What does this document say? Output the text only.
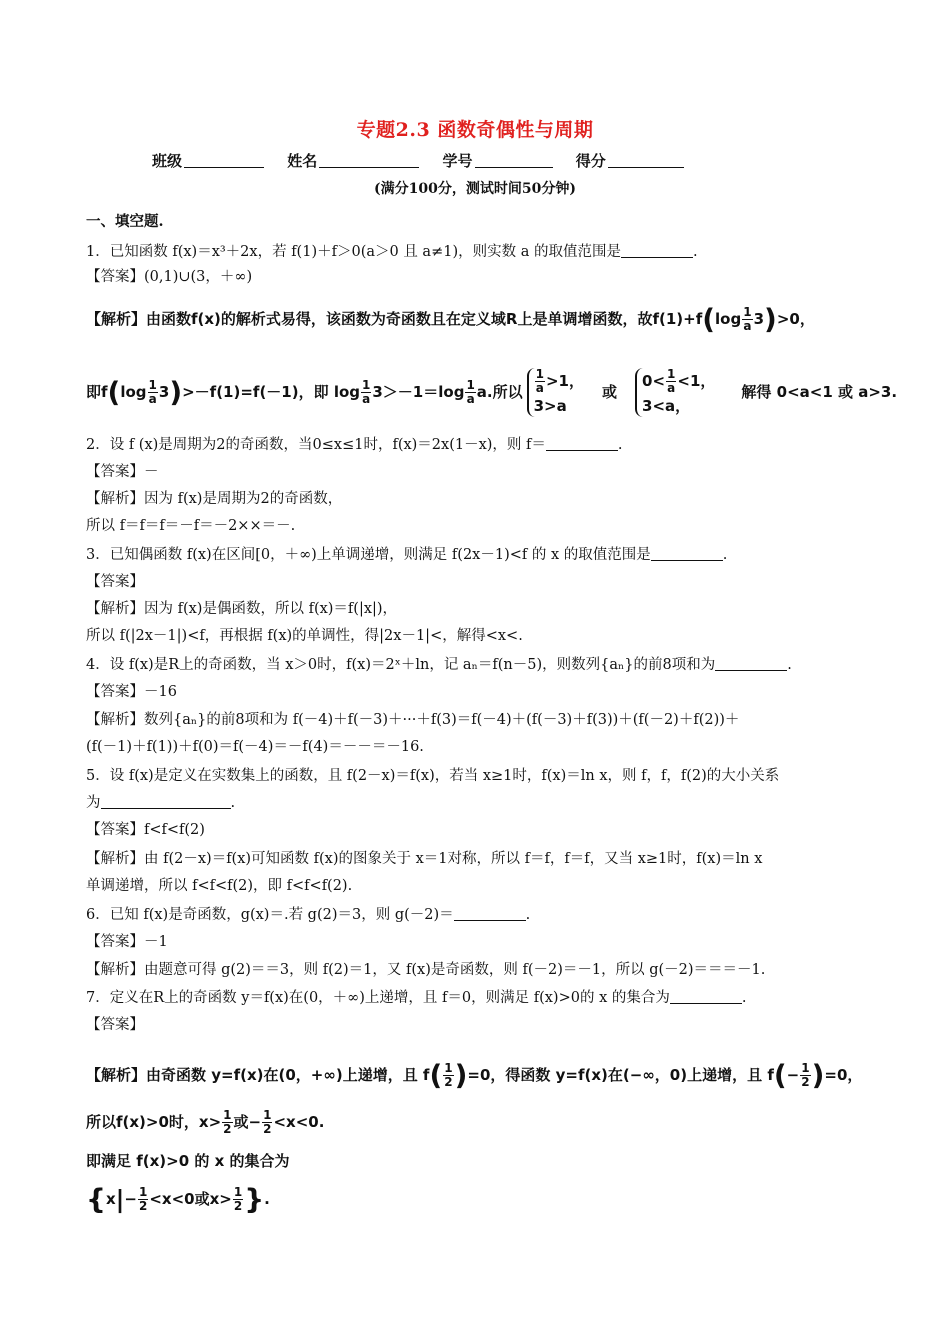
专题2.3 函数奇偶性与周期
班级	姓名	学号	得分
(满分100分，测试时间50分钟)
一、填空题.
1．已知函数 f(x)＝x³＋2x，若 f(1)＋f＞0(a＞0 且 a≠1)，则实数 a 的取值范围是	.
【答案】(0,1)∪(3，＋∞)
【解析】由函数f(x)的解析式易得，该函数为奇函数且在定义域R上是单调增函数，故$f(1)+f(\log \frac{1}{a} 3)>0$，
即$f(\log \frac{1}{a} 3)>-f(1)=f(-1)$，即 $\log \frac{1}{a} 3>-1=\log \frac{1}{a} a$.所以 $\frac{1}{a} >1$，
3>a
或
$0< \frac{1}{a} <1$，
3<a，
解得 0<a<1 或 a>3.
2．设 f (x)是周期为2的奇函数，当0≤x≤1时，f(x)＝2x(1－x)，则 f＝	.
【答案】－
【解析】因为 f(x)是周期为2的奇函数，
所以 f＝f＝f＝－f＝－2××＝－.
3．已知偶函数 f(x)在区间[0，＋∞)上单调递增，则满足 f(2x－1)<f 的 x 的取值范围是	.
【答案】
【解析】因为 f(x)是偶函数，所以 f(x)＝f(|x|)，
所以 f(|2x－1|)<f，再根据 f(x)的单调性，得|2x－1|<，解得<x<.
4．设 f(x)是R上的奇函数，当 x＞0时，f(x)＝2ˣ＋ln，记 aₙ＝f(n－5)，则数列{aₙ}的前8项和为	.
【答案】－16
【解析】数列{aₙ}的前8项和为 f(－4)＋f(－3)＋···＋f(3)＝f(－4)＋(f(－3)＋f(3))＋(f(－2)＋f(2))＋
(f(－1)＋f(1))＋f(0)＝f(－4)＝－f(4)＝－－＝－16.
5．设 f(x)是定义在实数集上的函数，且 f(2－x)＝f(x)，若当 x≥1时，f(x)＝ln x，则 f，f，f(2)的大小关系
为	.
【答案】f<f<f(2)
【解析】由 f(2－x)＝f(x)可知函数 f(x)的图象关于 x＝1对称，所以 f＝f，f＝f，又当 x≥1时，f(x)＝ln x
单调递增，所以 f<f<f(2)，即 f<f<f(2).
6．已知 f(x)是奇函数，g(x)＝.若 g(2)＝3，则 g(－2)＝	.
【答案】－1
【解析】由题意可得 g(2)＝＝3，则 f(2)＝1，又 f(x)是奇函数，则 f(－2)＝－1，所以 g(－2)＝＝＝－1.
7．定义在R上的奇函数 y＝f(x)在(0，＋∞)上递增，且 f＝0，则满足 f(x)>0的 x 的集合为	.
【答案】
【解析】由奇函数 y=f(x)在(0，+∞)上递增，且 $f( \frac{1}{2} )=0$，得函数 y=f(x)在(−∞，0)上递增，且 $f(- \frac{1}{2} )=0$，
所以f(x)>0时，$x> \frac{1}{2}$ 或− $\frac{1}{2} <x<0$.
即满足 f(x)>0 的 x 的集合为
{$x|- \frac{1}{2} <x<0$或$x> \frac{1}{2}$ }.
